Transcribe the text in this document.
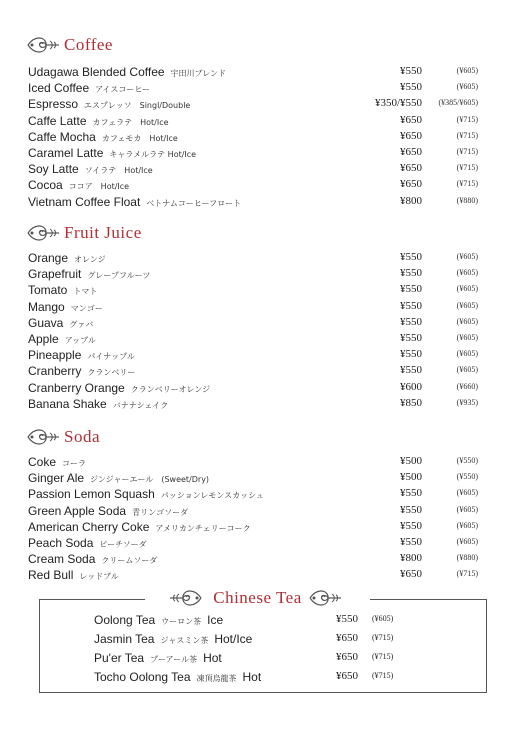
Coffee
Udagawa Blended Coffee 宇田川ブレンド	¥550	(¥605)
Iced Coffee アイスコーヒー	¥550	(¥605)
Espresso エスプレッソ　Singl/Double	¥350/¥550 (¥385/¥605)
Caffe Latte カフェラテ　Hot/Ice	¥650	(¥715)
Caffe Mocha カフェモカ　Hot/Ice	¥650	(¥715)
Caramel Latte キャラメルラテ Hot/Ice	¥650	(¥715)
Soy Latte ソイラテ　Hot/Ice	¥650	(¥715)
Cocoa ココア　Hot/Ice	¥650	(¥715)
Vietnam Coffee Float ベトナムコーヒーフロート	¥800	(¥880)
Fruit Juice
Orange オレンジ	¥550	(¥605)
Grapefruit グレープフルーツ	¥550	(¥605)
Tomato トマト	¥550	(¥605)
Mango マンゴー	¥550	(¥605)
Guava グァバ	¥550	(¥605)
Apple アップル	¥550	(¥605)
Pineapple パイナップル	¥550	(¥605)
Cranberry クランベリー	¥550	(¥605)
Cranberry Orange クランベリーオレンジ	¥600	(¥660)
Banana Shake バナナシェイク	¥850	(¥935)
Soda
Coke コーラ	¥500	(¥550)
Ginger Ale ジンジャーエール　(Sweet/Dry)	¥500	(¥550)
Passion Lemon Squash パッションレモンスカッシュ	¥550	(¥605)
Green Apple Soda 青リンゴソーダ	¥550	(¥605)
American Cherry Coke アメリカンチェリーコーク	¥550	(¥605)
Peach Soda ピーチソーダ	¥550	(¥605)
Cream Soda クリームソーダ	¥800	(¥880)
Red Bull レッドブル	¥650	(¥715)
Chinese Tea
Oolong Tea ウーロン茶 Ice	¥550 (¥605)
Jasmin Tea ジャスミン茶 Hot/Ice	¥650 (¥715)
Pu'er Tea プーアール茶 Hot	¥650 (¥715)
Tocho Oolong Tea 凍頂烏龍茶 Hot	¥650 (¥715)
